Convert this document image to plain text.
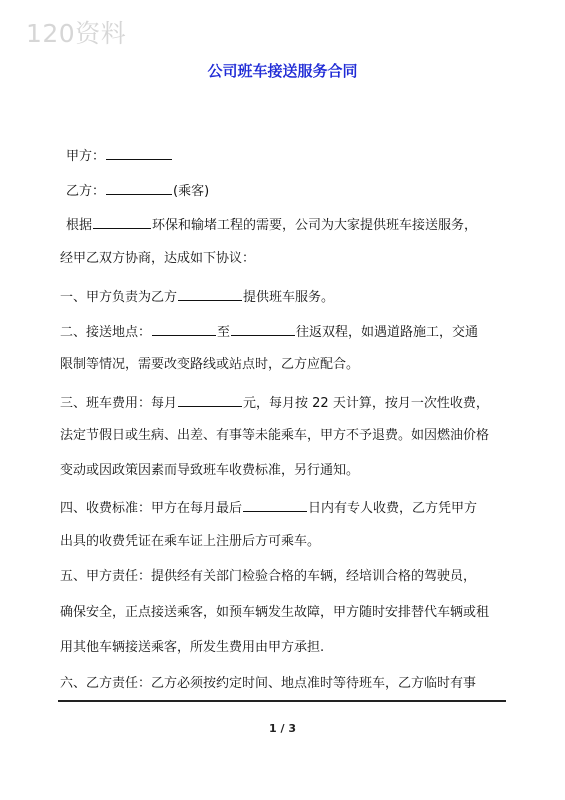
120资料
公司班车接送服务合同
甲方：
乙方：	(乘客)
根据	环保和输堵工程的需要，公司为大家提供班车接送服务，
经甲乙双方协商，达成如下协议：
一、甲方负责为乙方	提供班车服务。
二、接送地点：	至	往返双程，如遇道路施工，交通
限制等情况，需要改变路线或站点时，乙方应配合。
三、班车费用：每月	元，每月按 22 天计算，按月一次性收费，
法定节假日或生病、出差、有事等未能乘车，甲方不予退费。如因燃油价格
变动或因政策因素而导致班车收费标准，另行通知。
四、收费标准：甲方在每月最后	日内有专人收费，乙方凭甲方
出具的收费凭证在乘车证上注册后方可乘车。
五、甲方责任：提供经有关部门检验合格的车辆，经培训合格的驾驶员，
确保安全，正点接送乘客，如预车辆发生故障，甲方随时安排替代车辆或租
用其他车辆接送乘客，所发生费用由甲方承担.
六、乙方责任：乙方必须按约定时间、地点准时等待班车，乙方临时有事
1 / 3
